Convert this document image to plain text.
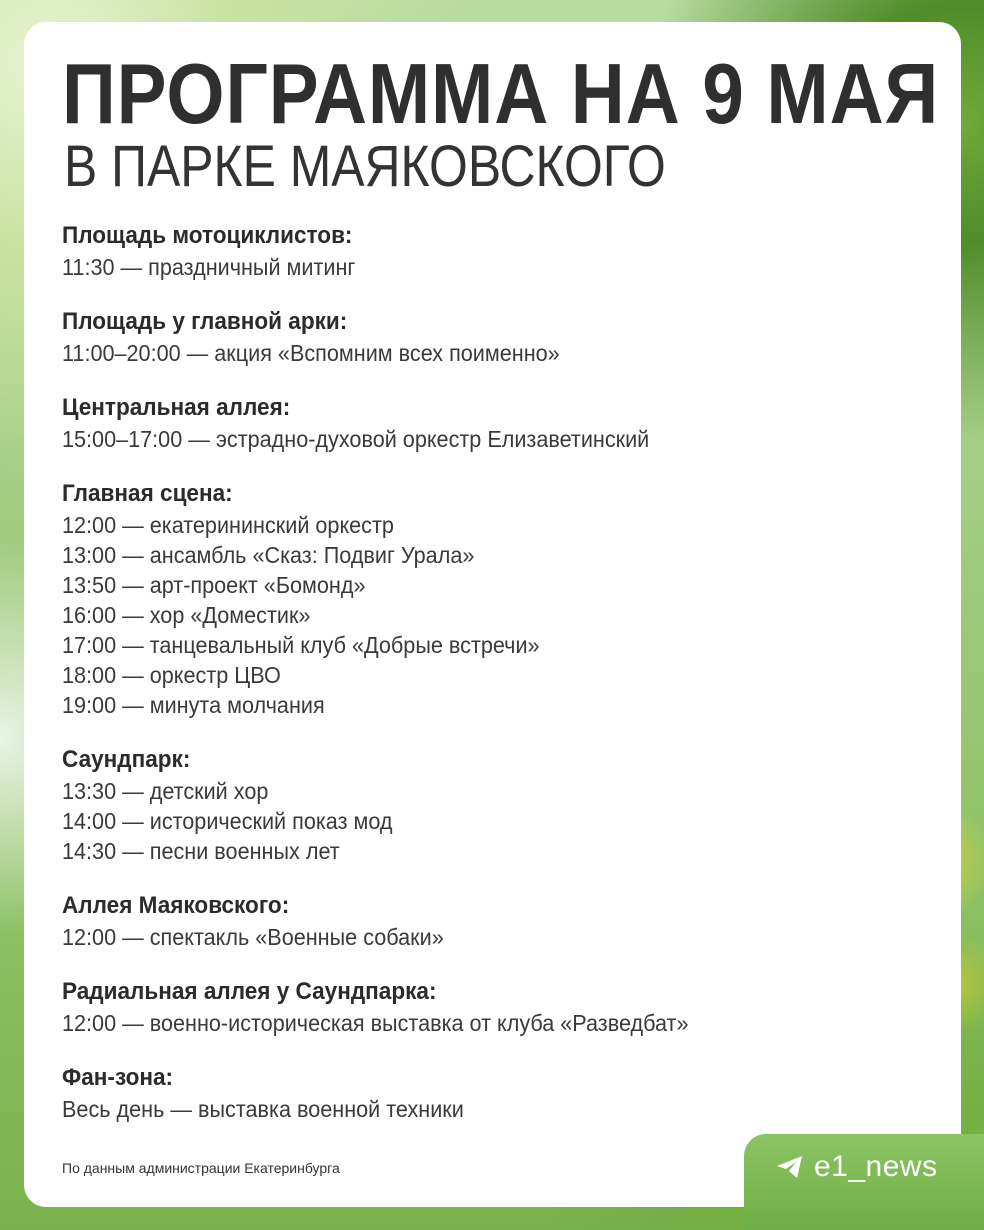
ПРОГРАММА НА 9 МАЯ
В ПАРКЕ МАЯКОВСКОГО
Площадь мотоциклистов:
11:30 — праздничный митинг
Площадь у главной арки:
11:00–20:00 — акция «Вспомним всех поименно»
Центральная аллея:
15:00–17:00 — эстрадно-духовой оркестр Елизаветинский
Главная сцена:
12:00 — екатерининский оркестр
13:00 — ансамбль «Сказ: Подвиг Урала»
13:50 — арт-проект «Бомонд»
16:00 — хор «Доместик»
17:00 — танцевальный клуб «Добрые встречи»
18:00 — оркестр ЦВО
19:00 — минута молчания
Саундпарк:
13:30 — детский хор
14:00 — исторический показ мод
14:30 — песни военных лет
Аллея Маяковского:
12:00 — спектакль «Военные собаки»
Радиальная аллея у Саундпарка:
12:00 — военно-историческая выставка от клуба «Разведбат»
Фан-зона:
Весь день — выставка военной техники
По данным администрации Екатеринбурга	e1_news
